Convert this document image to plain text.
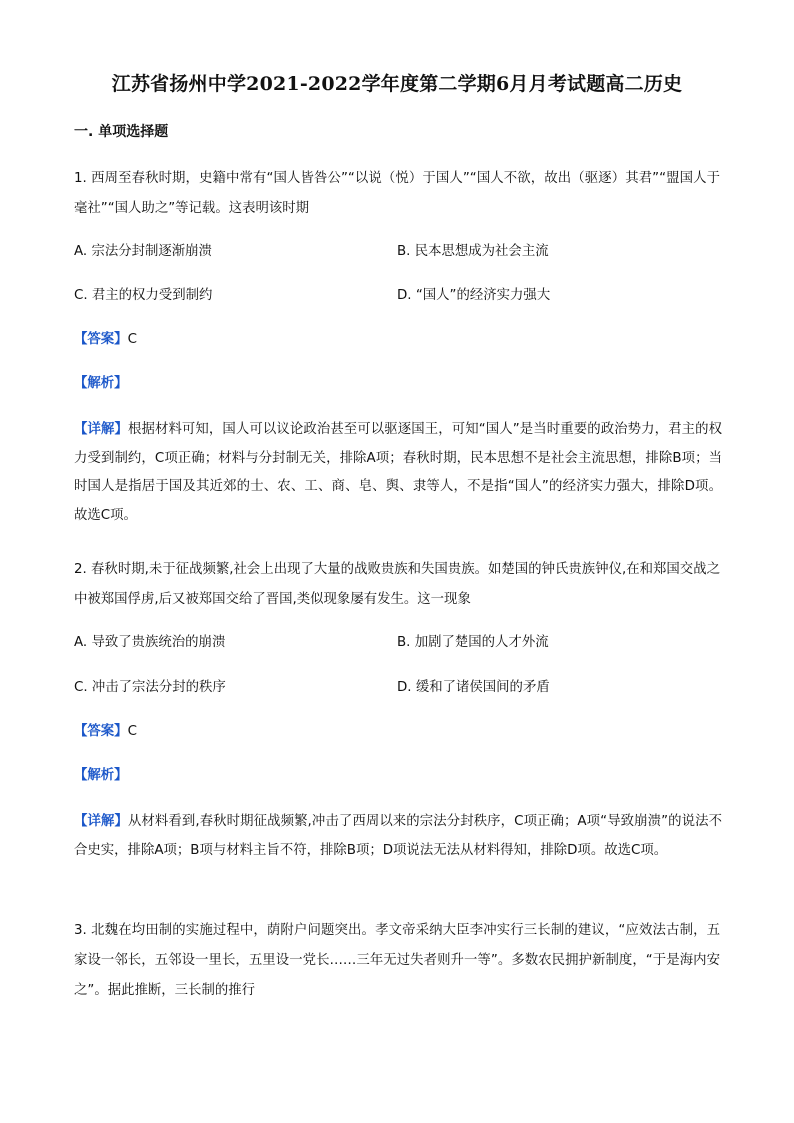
江苏省扬州中学2021-2022学年度第二学期6月月考试题高二历史
一. 单项选择题
1. 西周至春秋时期，史籍中常有“国人皆咎公”“以说（悦）于国人”“国人不欲，故出（驱逐）其君”“盟国人于毫社”“国人助之”等记载。这表明该时期
A. 宗法分封制逐渐崩溃	B. 民本思想成为社会主流
C. 君主的权力受到制约	D. “国人”的经济实力强大
【答案】C
【解析】
【详解】根据材料可知，国人可以议论政治甚至可以驱逐国王，可知“国人”是当时重要的政治势力，君主的权力受到制约，C项正确；材料与分封制无关，排除A项；春秋时期，民本思想不是社会主流思想，排除B项；当时国人是指居于国及其近郊的士、农、工、商、皂、舆、隶等人，不是指“国人”的经济实力强大，排除D项。故选C项。
2. 春秋时期,未于征战频繁,社会上出现了大量的战败贵族和失国贵族。如楚国的钟氏贵族钟仪,在和郑国交战之中被郑国俘虏,后又被郑国交给了晋国,类似现象屡有发生。这一现象
A. 导致了贵族统治的崩溃	B. 加剧了楚国的人才外流
C. 冲击了宗法分封的秩序	D. 缓和了诸侯国间的矛盾
【答案】C
【解析】
【详解】从材料看到,春秋时期征战频繁,冲击了西周以来的宗法分封秩序，C项正确；A项“导致崩溃”的说法不合史实，排除A项；B项与材料主旨不符，排除B项；D项说法无法从材料得知，排除D项。故选C项。
3. 北魏在均田制的实施过程中，荫附户问题突出。孝文帝采纳大臣李冲实行三长制的建议，“应效法古制，五家设一邻长，五邻设一里长，五里设一党长……三年无过失者则升一等”。多数农民拥护新制度，“于是海内安之”。据此推断，三长制的推行
